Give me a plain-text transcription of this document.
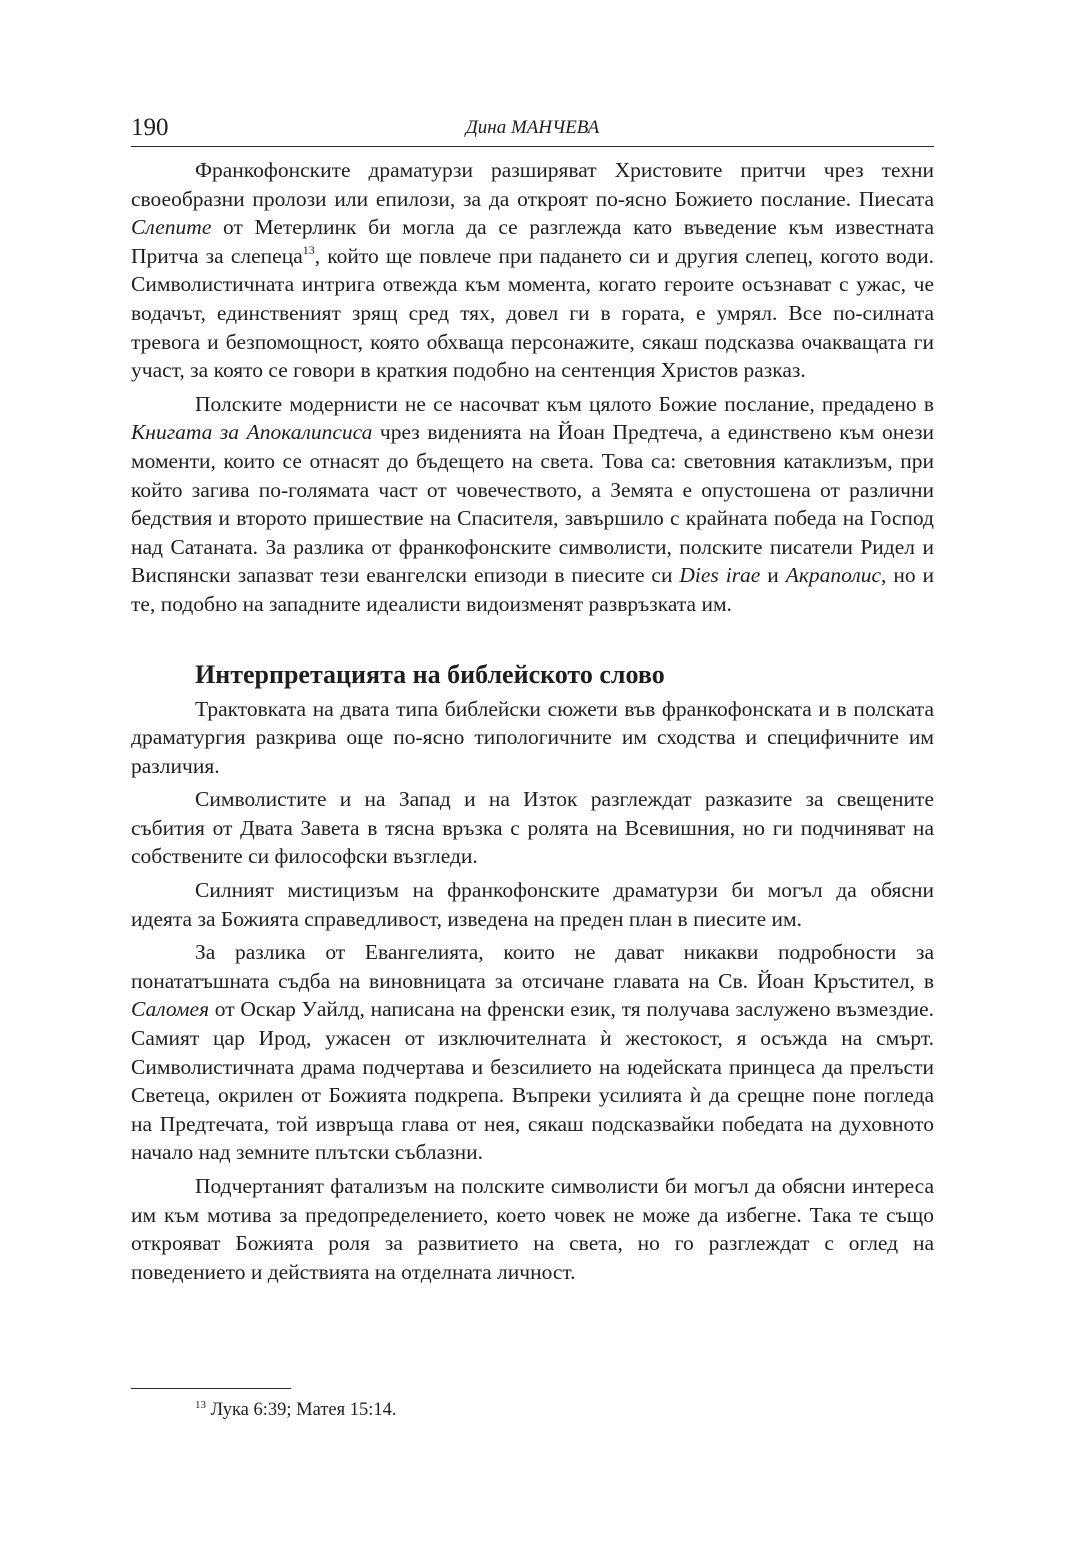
190	Дина МАНЧЕВА

Франкофонските драматурзи разширяват Христовите притчи чрез техни своеобразни пролози или епилози, за да откроят по-ясно Божието послание. Пиесата Слепите от Метерлинк би могла да се разглежда като въведение към известната Притча за слепеца$^{13}$, който ще повлече при падането си и другия слепец, когото води. Символистичната интрига отвежда към момента, когато героите осъзнават с ужас, че водачът, единственият зрящ сред тях, довел ги в гората, е умрял. Все по-силната тревога и безпомощност, която обхваща персонажите, сякаш подсказва очакващата ги участ, за която се говори в краткия подобно на сентенция Христов разказ.

Полските модернисти не се насочват към цялото Божие послание, предадено в Книгата за Апокалипсиса чрез виденията на Йоан Предтеча, а единствено към онези моменти, които се отнасят до бъдещето на света. Това са: световния катаклизъм, при който загива по-голямата част от човечеството, а Земята е опустошена от различни бедствия и второто пришествие на Спасителя, завършило с крайната победа на Господ над Сатаната. За разлика от франкофонските символисти, полските писатели Ридел и Виспянски запазват тези евангелски епизоди в пиесите си Dies irae и Акраполис, но и те, подобно на западните идеалисти видоизменят развръзката им.

Интерпретацията на библейското слово

Трактовката на двата типа библейски сюжети във франкофонската и в полската драматургия разкрива още по-ясно типологичните им сходства и специфичните им различия.

Символистите и на Запад и на Изток разглеждат разказите за свещените събития от Двата Завета в тясна връзка с ролята на Всевишния, но ги подчиняват на собствените си философски възгледи.

Силният мистицизъм на франкофонските драматурзи би могъл да обясни идеята за Божията справедливост, изведена на преден план в пиесите им.

За разлика от Евангелията, които не дават никакви подробности за понататъшната съдба на виновницата за отсичане главата на Св. Йоан Кръстител, в Саломея от Оскар Уайлд, написана на френски език, тя получава заслужено възмездие. Самият цар Ирод, ужасен от изключителната ѝ жестокост, я осъжда на смърт. Символистичната драма подчертава и безсилието на юдейската принцеса да прелъсти Светеца, окрилен от Божията подкрепа. Въпреки усилията ѝ да срещне поне погледа на Предтечата, той извръща глава от нея, сякаш подсказвайки победата на духовното начало над земните плътски съблазни.

Подчертаният фатализъм на полските символисти би могъл да обясни интереса им към мотива за предопределението, което човек не може да избегне. Така те също открояват Божията роля за развитието на света, но го разглеждат с оглед на поведението и действията на отделната личност.

$^{13}$ Лука 6:39; Матея 15:14.
